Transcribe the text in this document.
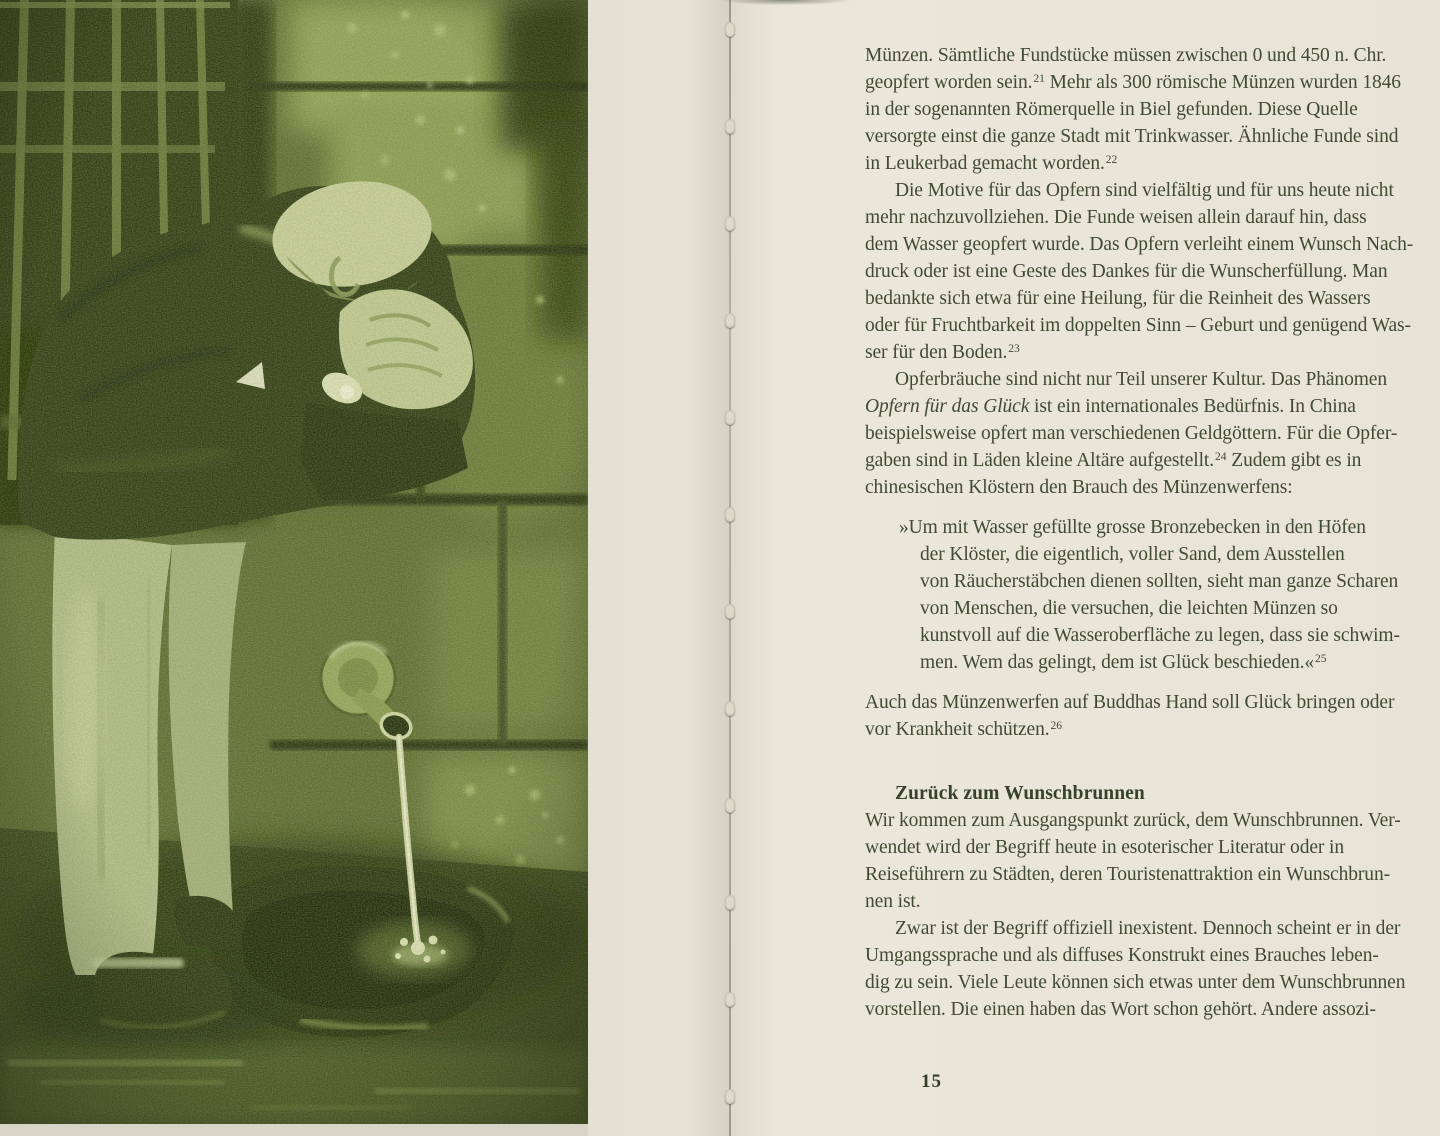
Münzen. Sämtliche Fundstücke müssen zwischen 0 und 450 n. Chr.
geopfert worden sein.$^{21}$ Mehr als 300 römische Münzen wurden 1846
in der sogenannten Römerquelle in Biel gefunden. Diese Quelle
versorgte einst die ganze Stadt mit Trinkwasser. Ähnliche Funde sind
in Leukerbad gemacht worden.$^{22}$
Die Motive für das Opfern sind vielfältig und für uns heute nicht
mehr nachzuvollziehen. Die Funde weisen allein darauf hin, dass
dem Wasser geopfert wurde. Das Opfern verleiht einem Wunsch Nach-
druck oder ist eine Geste des Dankes für die Wunscherfüllung. Man
bedankte sich etwa für eine Heilung, für die Reinheit des Wassers
oder für Fruchtbarkeit im doppelten Sinn – Geburt und genügend Was-
ser für den Boden.$^{23}$
Opferbräuche sind nicht nur Teil unserer Kultur. Das Phänomen
Opfern für das Glück ist ein internationales Bedürfnis. In China
beispielsweise opfert man verschiedenen Geldgöttern. Für die Opfer-
gaben sind in Läden kleine Altäre aufgestellt.$^{24}$ Zudem gibt es in
chinesischen Klöstern den Brauch des Münzenwerfens:
»Um mit Wasser gefüllte grosse Bronzebecken in den Höfen
der Klöster, die eigentlich, voller Sand, dem Ausstellen
von Räucherstäbchen dienen sollten, sieht man ganze Scharen
von Menschen, die versuchen, die leichten Münzen so
kunstvoll auf die Wasseroberfläche zu legen, dass sie schwim-
men. Wem das gelingt, dem ist Glück beschieden.«$^{25}$
Auch das Münzenwerfen auf Buddhas Hand soll Glück bringen oder
vor Krankheit schützen.$^{26}$
Zurück zum Wunschbrunnen
Wir kommen zum Ausgangspunkt zurück, dem Wunschbrunnen. Ver-
wendet wird der Begriff heute in esoterischer Literatur oder in
Reiseführern zu Städten, deren Touristenattraktion ein Wunschbrun-
nen ist.
Zwar ist der Begriff offiziell inexistent. Dennoch scheint er in der
Umgangssprache und als diffuses Konstrukt eines Brauches leben-
dig zu sein. Viele Leute können sich etwas unter dem Wunschbrunnen
vorstellen. Die einen haben das Wort schon gehört. Andere assozi-
15
